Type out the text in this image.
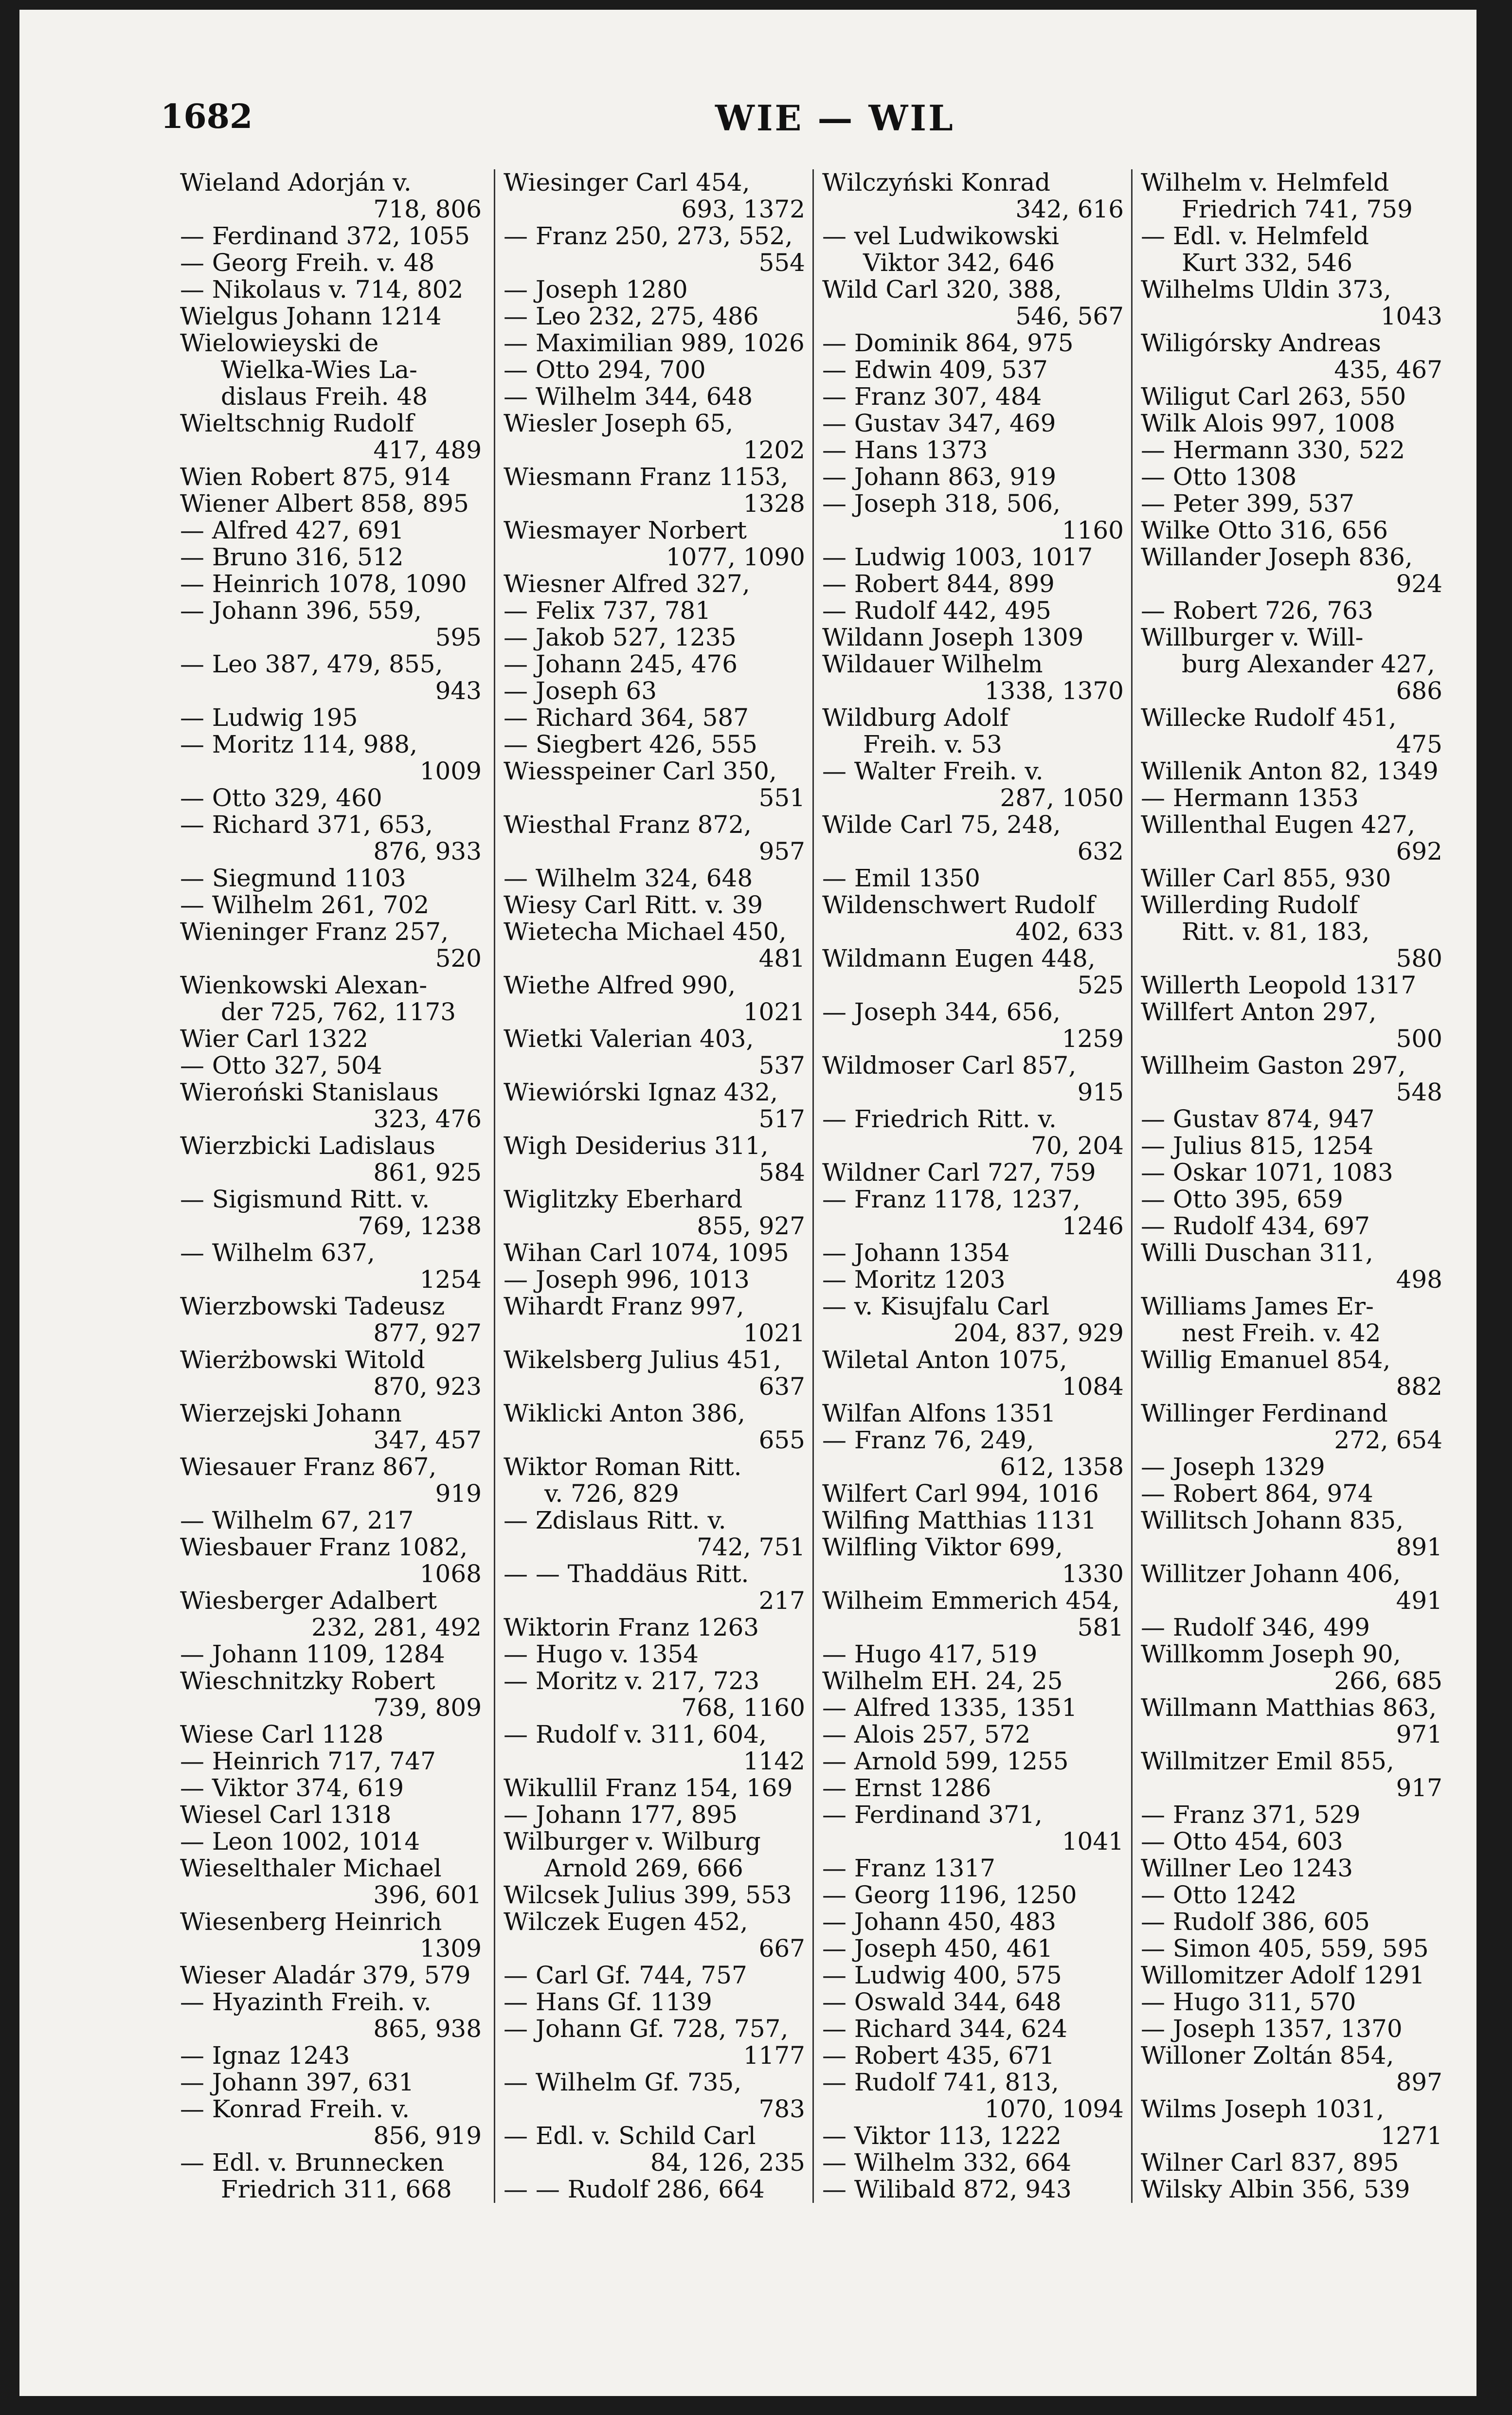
1682	WIE — WIL
Wieland Adorján v.
718, 806
— Ferdinand 372, 1055
— Georg Freih. v. 48
— Nikolaus v. 714, 802
Wielgus Johann 1214
Wielowieyski de
Wielka-Wies La-
dislaus Freih. 48
Wieltschnig Rudolf
417, 489
Wien Robert 875, 914
Wiener Albert 858, 895
— Alfred 427, 691
— Bruno 316, 512
— Heinrich 1078, 1090
— Johann 396, 559,
595
— Leo 387, 479, 855,
943
— Ludwig 195
— Moritz 114, 988,
1009
— Otto 329, 460
— Richard 371, 653,
876, 933
— Siegmund 1103
— Wilhelm 261, 702
Wieninger Franz 257,
520
Wienkowski Alexan-
der 725, 762, 1173
Wier Carl 1322
— Otto 327, 504
Wieroński Stanislaus
323, 476
Wierzbicki Ladislaus
861, 925
— Sigismund Ritt. v.
769, 1238
— Wilhelm 637,
1254
Wierzbowski Tadeusz
877, 927
Wierżbowski Witold
870, 923
Wierzejski Johann
347, 457
Wiesauer Franz 867,
919
— Wilhelm 67, 217
Wiesbauer Franz 1082,
1068
Wiesberger Adalbert
232, 281, 492
— Johann 1109, 1284
Wieschnitzky Robert
739, 809
Wiese Carl 1128
— Heinrich 717, 747
— Viktor 374, 619
Wiesel Carl 1318
— Leon 1002, 1014
Wieselthaler Michael
396, 601
Wiesenberg Heinrich
1309
Wieser Aladár 379, 579
— Hyazinth Freih. v.
865, 938
— Ignaz 1243
— Johann 397, 631
— Konrad Freih. v.
856, 919
— Edl. v. Brunnecken
Friedrich 311, 668
Wiesinger Carl 454,
693, 1372
— Franz 250, 273, 552,
554
— Joseph 1280
— Leo 232, 275, 486
— Maximilian 989, 1026
— Otto 294, 700
— Wilhelm 344, 648
Wiesler Joseph 65,
1202
Wiesmann Franz 1153,
1328
Wiesmayer Norbert
1077, 1090
Wiesner Alfred 327,
— Felix 737, 781
— Jakob 527, 1235
— Johann 245, 476
— Joseph 63
— Richard 364, 587
— Siegbert 426, 555
Wiesspeiner Carl 350,
551
Wiesthal Franz 872,
957
— Wilhelm 324, 648
Wiesy Carl Ritt. v. 39
Wietecha Michael 450,
481
Wiethe Alfred 990,
1021
Wietki Valerian 403,
537
Wiewiórski Ignaz 432,
517
Wigh Desiderius 311,
584
Wiglitzky Eberhard
855, 927
Wihan Carl 1074, 1095
— Joseph 996, 1013
Wihardt Franz 997,
1021
Wikelsberg Julius 451,
637
Wiklicki Anton 386,
655
Wiktor Roman Ritt.
v. 726, 829
— Zdislaus Ritt. v.
742, 751
— — Thaddäus Ritt.
217
Wiktorin Franz 1263
— Hugo v. 1354
— Moritz v. 217, 723
768, 1160
— Rudolf v. 311, 604,
1142
Wikullil Franz 154, 169
— Johann 177, 895
Wilburger v. Wilburg
Arnold 269, 666
Wilcsek Julius 399, 553
Wilczek Eugen 452,
667
— Carl Gf. 744, 757
— Hans Gf. 1139
— Johann Gf. 728, 757,
1177
— Wilhelm Gf. 735,
783
— Edl. v. Schild Carl
84, 126, 235
— — Rudolf 286, 664
Wilczyński Konrad
342, 616
— vel Ludwikowski
Viktor 342, 646
Wild Carl 320, 388,
546, 567
— Dominik 864, 975
— Edwin 409, 537
— Franz 307, 484
— Gustav 347, 469
— Hans 1373
— Johann 863, 919
— Joseph 318, 506,
1160
— Ludwig 1003, 1017
— Robert 844, 899
— Rudolf 442, 495
Wildann Joseph 1309
Wildauer Wilhelm
1338, 1370
Wildburg Adolf
Freih. v. 53
— Walter Freih. v.
287, 1050
Wilde Carl 75, 248,
632
— Emil 1350
Wildenschwert Rudolf
402, 633
Wildmann Eugen 448,
525
— Joseph 344, 656,
1259
Wildmoser Carl 857,
915
— Friedrich Ritt. v.
70, 204
Wildner Carl 727, 759
— Franz 1178, 1237,
1246
— Johann 1354
— Moritz 1203
— v. Kisujfalu Carl
204, 837, 929
Wiletal Anton 1075,
1084
Wilfan Alfons 1351
— Franz 76, 249,
612, 1358
Wilfert Carl 994, 1016
Wilfing Matthias 1131
Wilfling Viktor 699,
1330
Wilheim Emmerich 454,
581
— Hugo 417, 519
Wilhelm EH. 24, 25
— Alfred 1335, 1351
— Alois 257, 572
— Arnold 599, 1255
— Ernst 1286
— Ferdinand 371,
1041
— Franz 1317
— Georg 1196, 1250
— Johann 450, 483
— Joseph 450, 461
— Ludwig 400, 575
— Oswald 344, 648
— Richard 344, 624
— Robert 435, 671
— Rudolf 741, 813,
1070, 1094
— Viktor 113, 1222
— Wilhelm 332, 664
— Wilibald 872, 943
Wilhelm v. Helmfeld
Friedrich 741, 759
— Edl. v. Helmfeld
Kurt 332, 546
Wilhelms Uldin 373,
1043
Wiligórsky Andreas
435, 467
Wiligut Carl 263, 550
Wilk Alois 997, 1008
— Hermann 330, 522
— Otto 1308
— Peter 399, 537
Wilke Otto 316, 656
Willander Joseph 836,
924
— Robert 726, 763
Willburger v. Will-
burg Alexander 427,
686
Willecke Rudolf 451,
475
Willenik Anton 82, 1349
— Hermann 1353
Willenthal Eugen 427,
692
Willer Carl 855, 930
Willerding Rudolf
Ritt. v. 81, 183,
580
Willerth Leopold 1317
Willfert Anton 297,
500
Willheim Gaston 297,
548
— Gustav 874, 947
— Julius 815, 1254
— Oskar 1071, 1083
— Otto 395, 659
— Rudolf 434, 697
Willi Duschan 311,
498
Williams James Er-
nest Freih. v. 42
Willig Emanuel 854,
882
Willinger Ferdinand
272, 654
— Joseph 1329
— Robert 864, 974
Willitsch Johann 835,
891
Willitzer Johann 406,
491
— Rudolf 346, 499
Willkomm Joseph 90,
266, 685
Willmann Matthias 863,
971
Willmitzer Emil 855,
917
— Franz 371, 529
— Otto 454, 603
Willner Leo 1243
— Otto 1242
— Rudolf 386, 605
— Simon 405, 559, 595
Willomitzer Adolf 1291
— Hugo 311, 570
— Joseph 1357, 1370
Willoner Zoltán 854,
897
Wilms Joseph 1031,
1271
Wilner Carl 837, 895
Wilsky Albin 356, 539
